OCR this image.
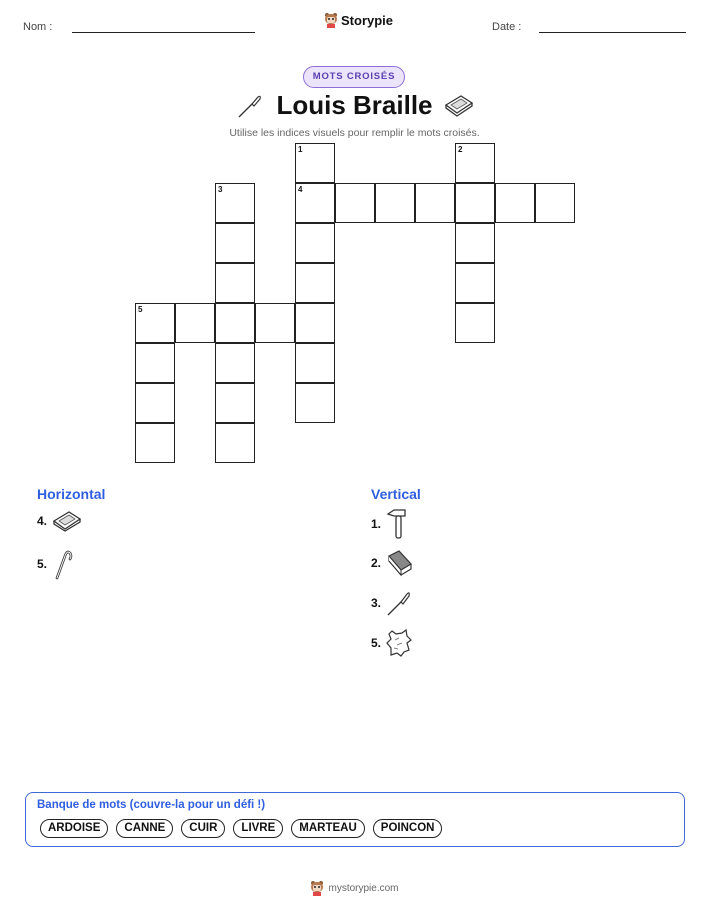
Nom :	Storypie	Date :
MOTS CROISÉS
Louis Braille
Utilise les indices visuels pour remplir le mots croisés.
1	2
3	4
5
Horizontal
4.
5.
Vertical
1.
2.
3.
5.
Banque de mots (couvre-la pour un défi !)
ARDOISE	CANNE	CUIR	LIVRE	MARTEAU	POINCON
mystorypie.com
